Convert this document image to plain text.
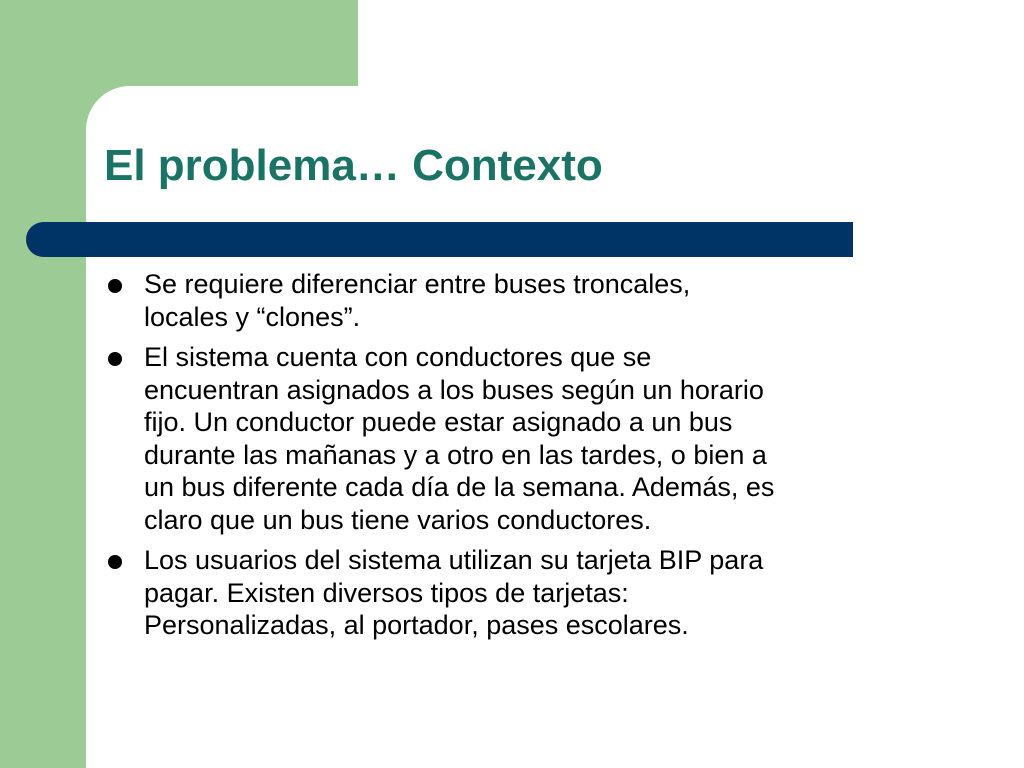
El problema… Contexto
Se requiere diferenciar entre buses troncales,
locales y “clones”.
El sistema cuenta con conductores que se
encuentran asignados a los buses según un horario
fijo. Un conductor puede estar asignado a un bus
durante las mañanas y a otro en las tardes, o bien a
un bus diferente cada día de la semana. Además, es
claro que un bus tiene varios conductores.
Los usuarios del sistema utilizan su tarjeta BIP para
pagar. Existen diversos tipos de tarjetas:
Personalizadas, al portador, pases escolares.
